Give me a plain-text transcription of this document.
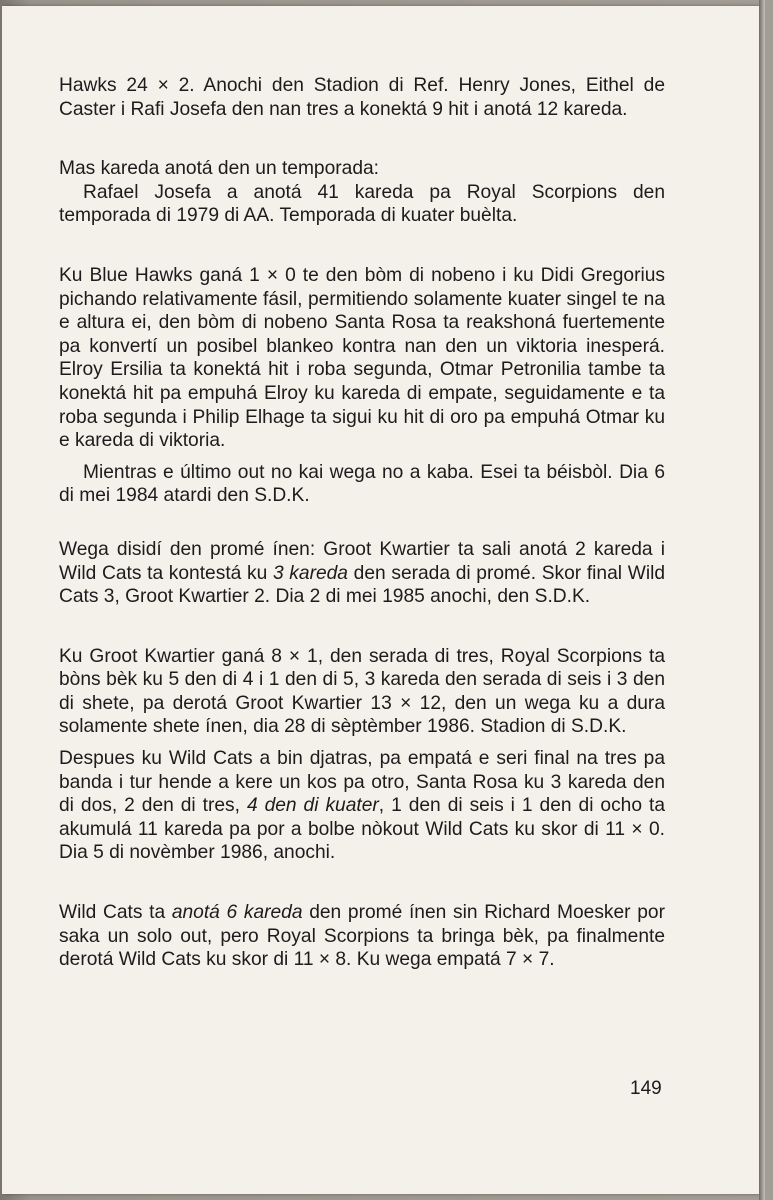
Hawks 24 × 2. Anochi den Stadion di Ref. Henry Jones, Eithel de Caster i Rafi Josefa den nan tres a konektá 9 hit i anotá 12 kareda.

Mas kareda anotá den un temporada:

Rafael Josefa a anotá 41 kareda pa Royal Scorpions den temporada di 1979 di AA. Temporada di kuater buèlta.

Ku Blue Hawks ganá 1 × 0 te den bòm di nobeno i ku Didi Gregorius pichando relativamente fásil, permitiendo solamente kuater singel te na e altura ei, den bòm di nobeno Santa Rosa ta reakshoná fuertemente pa konvertí un posibel blankeo kontra nan den un viktoria inesperá. Elroy Ersilia ta konektá hit i roba segunda, Otmar Petronilia tambe ta konektá hit pa empuhá Elroy ku kareda di empate, seguidamente e ta roba segunda i Philip Elhage ta sigui ku hit di oro pa empuhá Otmar ku e kareda di viktoria.

Mientras e último out no kai wega no a kaba. Esei ta béisbòl. Dia 6 di mei 1984 atardi den S.D.K.

Wega disidí den promé ínen: Groot Kwartier ta sali anotá 2 kareda i Wild Cats ta kontestá ku 3 kareda den serada di promé. Skor final Wild Cats 3, Groot Kwartier 2. Dia 2 di mei 1985 anochi, den S.D.K.

Ku Groot Kwartier ganá 8 × 1, den serada di tres, Royal Scorpions ta bòns bèk ku 5 den di 4 i 1 den di 5, 3 kareda den serada di seis i 3 den di shete, pa derotá Groot Kwartier 13 × 12, den un wega ku a dura solamente shete ínen, dia 28 di sèptèmber 1986. Stadion di S.D.K.

Despues ku Wild Cats a bin djatras, pa empatá e seri final na tres pa banda i tur hende a kere un kos pa otro, Santa Rosa ku 3 kareda den di dos, 2 den di tres, 4 den di kuater, 1 den di seis i 1 den di ocho ta akumulá 11 kareda pa por a bolbe nòkout Wild Cats ku skor di 11 × 0. Dia 5 di novèmber 1986, anochi.

Wild Cats ta anotá 6 kareda den promé ínen sin Richard Moesker por saka un solo out, pero Royal Scorpions ta bringa bèk, pa finalmente derotá Wild Cats ku skor di 11 × 8. Ku wega empatá 7 × 7.

149
